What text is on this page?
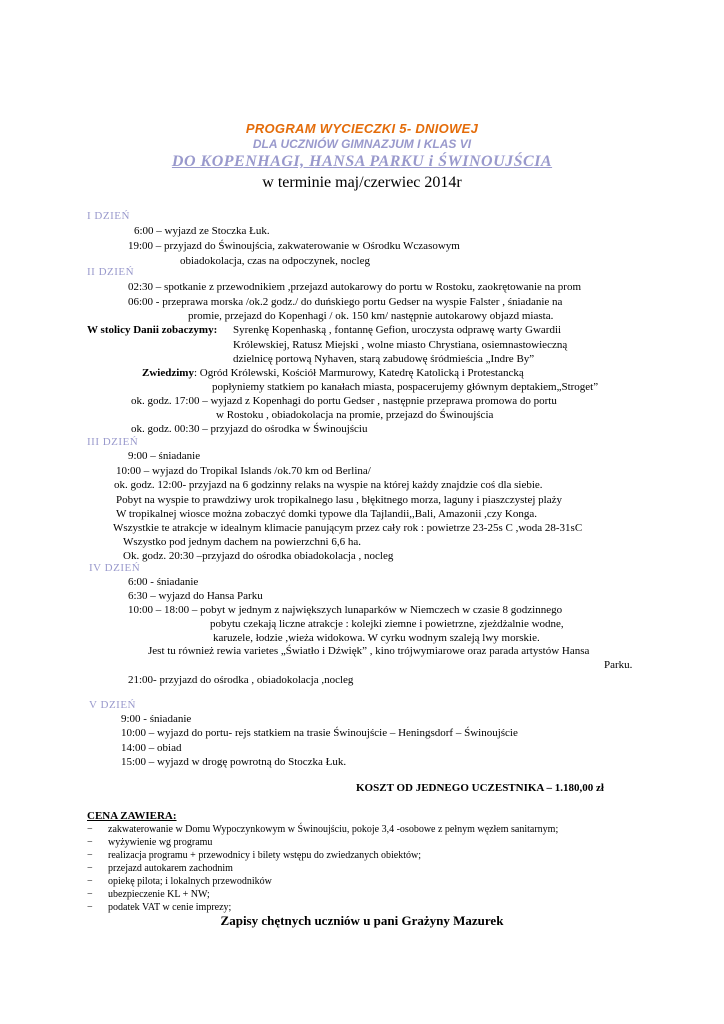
PROGRAM WYCIECZKI 5- DNIOWEJ
DLA UCZNIÓW GIMNAZJUM I KLAS VI
DO KOPENHAGI, HANSA PARKU i ŚWINOUJŚCIA
w terminie maj/czerwiec 2014r
I DZIEŃ
6:00 – wyjazd ze Stoczka Łuk.
19:00 – przyjazd do Świnoujścia, zakwaterowanie w Ośrodku Wczasowym
obiadokolacja, czas na odpoczynek, nocleg
II DZIEŃ
02:30 – spotkanie z przewodnikiem ,przejazd autokarowy do portu w Rostoku, zaokrętowanie na prom
06:00 - przeprawa morska /ok.2 godz./ do duńskiego portu Gedser na wyspie Falster , śniadanie na
promie, przejazd do Kopenhagi / ok. 150 km/ następnie autokarowy objazd miasta.
W stolicy Danii zobaczymy: Syrenkę Kopenhaską , fontannę Gefion, uroczysta odprawę warty Gwardii
Królewskiej, Ratusz Miejski , wolne miasto Chrystiana, osiemnastowieczną
dzielnicę portową Nyhaven, starą zabudowę śródmieścia „Indre By”
Zwiedzimy: Ogród Królewski, Kościół Marmurowy, Katedrę Katolicką i Protestancką
popłyniemy statkiem po kanałach miasta, pospacerujemy głównym deptakiem„Stroget”
ok. godz. 17:00 – wyjazd z Kopenhagi do portu Gedser , następnie przeprawa promowa do portu
w Rostoku , obiadokolacja na promie, przejazd do Świnoujścia
ok. godz. 00:30 – przyjazd do ośrodka w Świnoujściu
III DZIEŃ
9:00 – śniadanie
10:00 – wyjazd do Tropikal Islands /ok.70 km od Berlina/
ok. godz. 12:00- przyjazd na 6 godzinny relaks na wyspie na której każdy znajdzie coś dla siebie.
Pobyt na wyspie to prawdziwy urok tropikalnego lasu , błękitnego morza, laguny i piaszczystej plaży
W tropikalnej wiosce można zobaczyć domki typowe dla Tajlandii,,Bali, Amazonii ,czy Konga.
Wszystkie te atrakcje w idealnym klimacie panującym przez cały rok : powietrze 23-25s C ,woda 28-31sC
Wszystko pod jednym dachem na powierzchni 6,6 ha.
Ok. godz. 20:30 –przyjazd do ośrodka obiadokolacja , nocleg
IV DZIEŃ
6:00 - śniadanie
6:30 – wyjazd do Hansa Parku
10:00 – 18:00 – pobyt w jednym z największych lunaparków w Niemczech w czasie 8 godzinnego
pobytu czekają liczne atrakcje : kolejki ziemne i powietrzne, zjeżdżalnie wodne,
karuzele, łodzie ,wieża widokowa. W cyrku wodnym szaleją lwy morskie.
Jest tu również rewia varietes „Światło i Dźwięk” , kino trójwymiarowe oraz parada artystów Hansa
Parku.
21:00- przyjazd do ośrodka , obiadokolacja ,nocleg
V DZIEŃ
9:00 - śniadanie
10:00 – wyjazd do portu- rejs statkiem na trasie Świnoujście – Heningsdorf – Świnoujście
14:00 – obiad
15:00 – wyjazd w drogę powrotną do Stoczka Łuk.
KOSZT OD JEDNEGO UCZESTNIKA – 1.180,00 zł
CENA ZAWIERA:
− zakwaterowanie w Domu Wypoczynkowym w Świnoujściu, pokoje 3,4 -osobowe z pełnym węzłem sanitarnym;
− wyżywienie wg programu
− realizacja programu + przewodnicy i bilety wstępu do zwiedzanych obiektów;
− przejazd autokarem zachodnim
− opiekę pilota; i lokalnych przewodników
− ubezpieczenie KL + NW;
− podatek VAT w cenie imprezy;
Zapisy chętnych uczniów u pani Grażyny Mazurek
